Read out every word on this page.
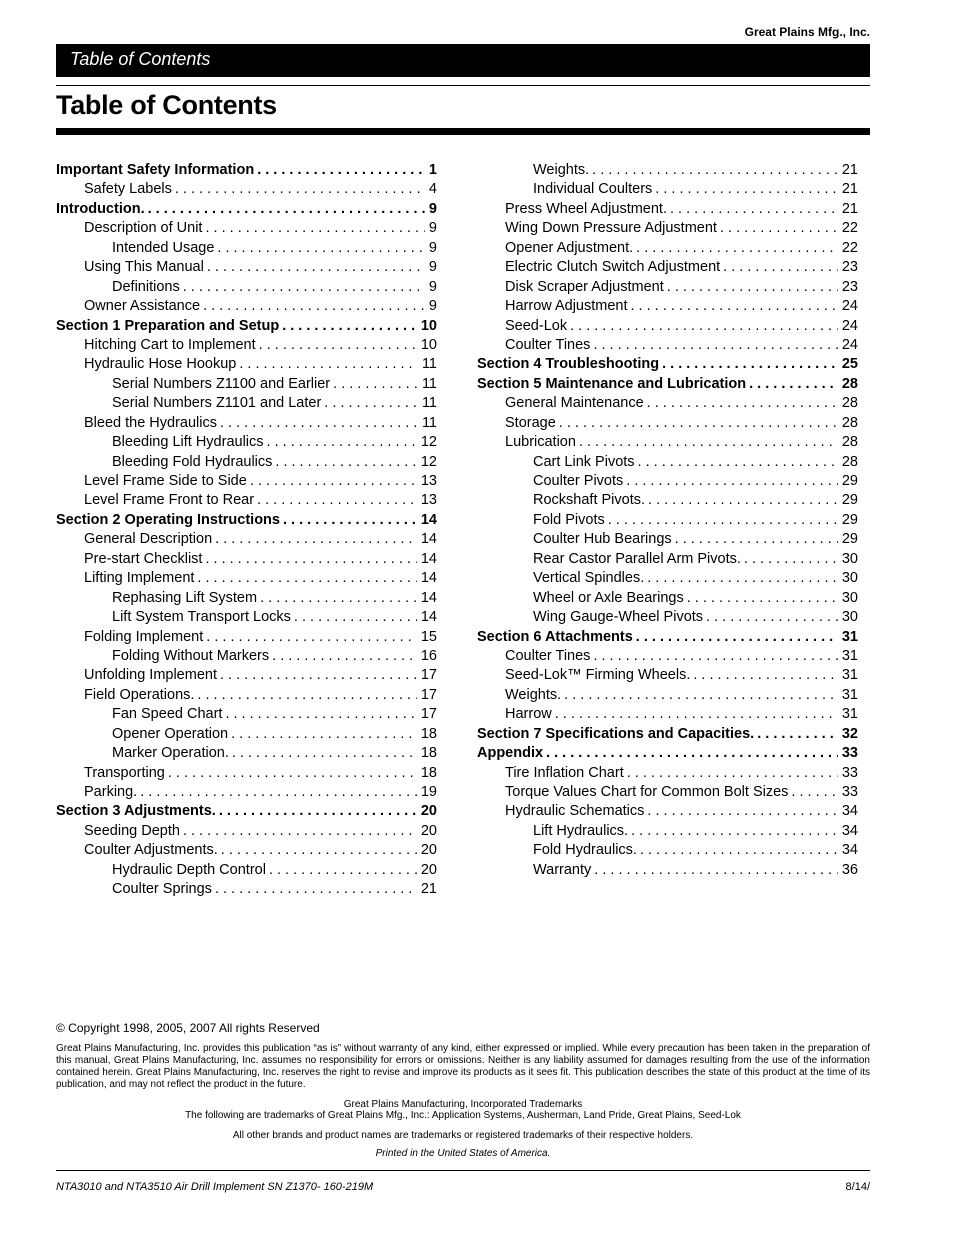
Great Plains Mfg., Inc.
Table of Contents
Table of Contents
Important Safety Information . . .	1
Safety Labels . . .	4
Introduction. . . .	9
Description of Unit . . .	9
Intended Usage . . .	9
Using This Manual . . .	9
Definitions . . .	9
Owner Assistance . . .	9
Section 1 Preparation and Setup . . .	10
Hitching Cart to Implement . . .	10
Hydraulic Hose Hookup . . .	11
Serial Numbers Z1100 and Earlier . . .	11
Serial Numbers Z1101 and Later . . .	11
Bleed the Hydraulics . . .	11
Bleeding Lift Hydraulics . . .	12
Bleeding Fold Hydraulics . . .	12
Level Frame Side to Side . . .	13
Level Frame Front to Rear . . .	13
Section 2 Operating Instructions . . .	14
General Description . . .	14
Pre-start Checklist . . .	14
Lifting Implement . . .	14
Rephasing Lift System . . .	14
Lift System Transport Locks . . .	14
Folding Implement . . .	15
Folding Without Markers . . .	16
Unfolding Implement . . .	17
Field Operations. . . .	17
Fan Speed Chart . . .	17
Opener Operation . . .	18
Marker Operation. . . .	18
Transporting . . .	18
Parking. . . .	19
Section 3 Adjustments. . . .	20
Seeding Depth . . .	20
Coulter Adjustments. . . .	20
Hydraulic Depth Control . . .	20
Coulter Springs . . .	21
Weights. . . .	21
Individual Coulters . . .	21
Press Wheel Adjustment. . . .	21
Wing Down Pressure Adjustment . . .	22
Opener Adjustment. . . .	22
Electric Clutch Switch Adjustment . . .	23
Disk Scraper Adjustment . . .	23
Harrow Adjustment . . .	24
Seed-Lok . . .	24
Coulter Tines . . .	24
Section 4 Troubleshooting . . .	25
Section 5 Maintenance and Lubrication . . .	28
General Maintenance . . .	28
Storage . . .	28
Lubrication . . .	28
Cart Link Pivots . . .	28
Coulter Pivots . . .	29
Rockshaft Pivots. . . .	29
Fold Pivots . . .	29
Coulter Hub Bearings . . .	29
Rear Castor Parallel Arm Pivots. . . .	30
Vertical Spindles. . . .	30
Wheel or Axle Bearings . . .	30
Wing Gauge-Wheel Pivots . . .	30
Section 6 Attachments . . .	31
Coulter Tines . . .	31
Seed-Lok™ Firming Wheels. . . .	31
Weights. . . .	31
Harrow . . .	31
Section 7 Specifications and Capacities. . . .	32
Appendix . . .	33
Tire Inflation Chart . . .	33
Torque Values Chart for Common Bolt Sizes . . .	33
Hydraulic Schematics . . .	34
Lift Hydraulics. . . .	34
Fold Hydraulics. . . .	34
Warranty . . .	36
© Copyright 1998, 2005, 2007 All rights Reserved
Great Plains Manufacturing, Inc. provides this publication “as is” without warranty of any kind, either expressed or implied. While every precaution has been taken in the preparation of this manual, Great Plains Manufacturing, Inc. assumes no responsibility for errors or omissions. Neither is any liability assumed for damages resulting from the use of the information contained herein. Great Plains Manufacturing, Inc. reserves the right to revise and improve its products as it sees fit. This publication describes the state of this product at the time of its publication, and may not reflect the product in the future.
Great Plains Manufacturing, Incorporated Trademarks
The following are trademarks of Great Plains Mfg., Inc.: Application Systems, Ausherman, Land Pride, Great Plains, Seed-Lok
All other brands and product names are trademarks or registered trademarks of their respective holders.
Printed in the United States of America.
NTA3010 and NTA3510 Air Drill Implement SN Z1370- 160-219M	8/14/
